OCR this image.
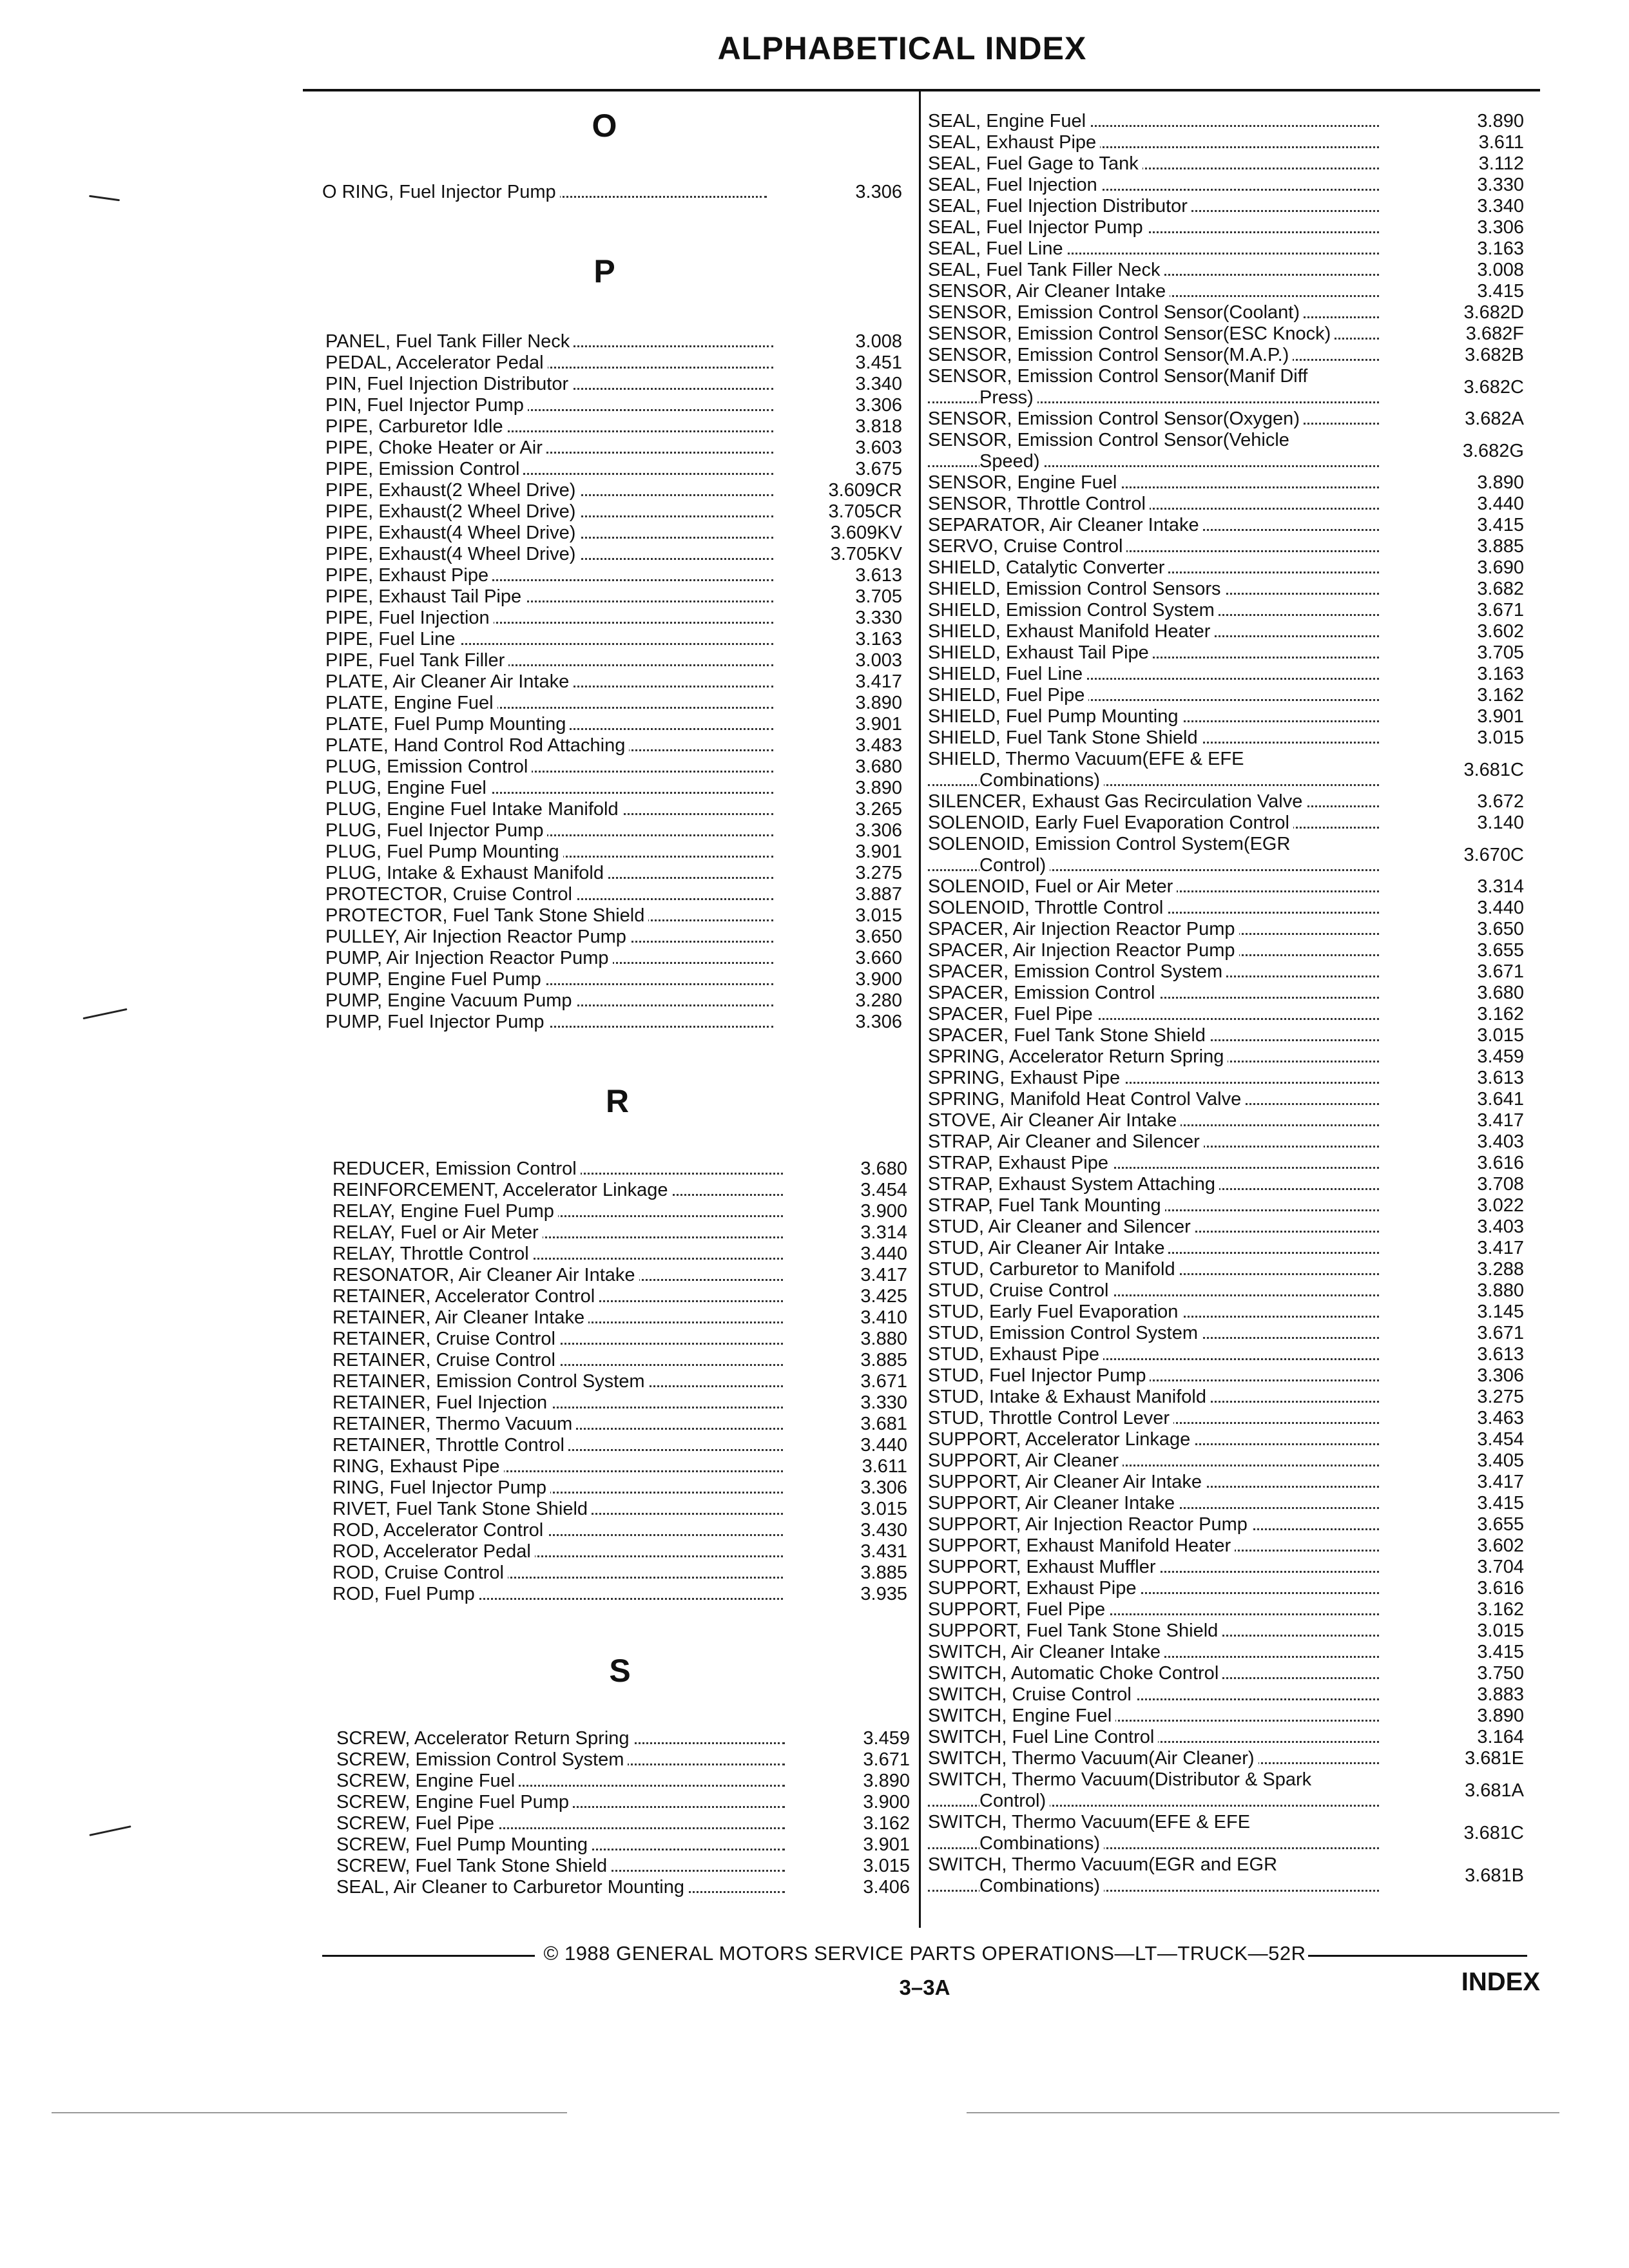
ALPHABETICAL INDEX
O
O RING, Fuel Injector Pump	3.306
P
PANEL, Fuel Tank Filler Neck	3.008
PEDAL, Accelerator Pedal	3.451
PIN, Fuel Injection Distributor	3.340
PIN, Fuel Injector Pump	3.306
PIPE, Carburetor Idle	3.818
PIPE, Choke Heater or Air	3.603
PIPE, Emission Control	3.675
PIPE, Exhaust(2 Wheel Drive)	3.609CR
PIPE, Exhaust(2 Wheel Drive)	3.705CR
PIPE, Exhaust(4 Wheel Drive)	3.609KV
PIPE, Exhaust(4 Wheel Drive)	3.705KV
PIPE, Exhaust Pipe	3.613
PIPE, Exhaust Tail Pipe	3.705
PIPE, Fuel Injection	3.330
PIPE, Fuel Line	3.163
PIPE, Fuel Tank Filler	3.003
PLATE, Air Cleaner Air Intake	3.417
PLATE, Engine Fuel	3.890
PLATE, Fuel Pump Mounting	3.901
PLATE, Hand Control Rod Attaching	3.483
PLUG, Emission Control	3.680
PLUG, Engine Fuel	3.890
PLUG, Engine Fuel Intake Manifold	3.265
PLUG, Fuel Injector Pump	3.306
PLUG, Fuel Pump Mounting	3.901
PLUG, Intake & Exhaust Manifold	3.275
PROTECTOR, Cruise Control	3.887
PROTECTOR, Fuel Tank Stone Shield	3.015
PULLEY, Air Injection Reactor Pump	3.650
PUMP, Air Injection Reactor Pump	3.660
PUMP, Engine Fuel Pump	3.900
PUMP, Engine Vacuum Pump	3.280
PUMP, Fuel Injector Pump	3.306
R
REDUCER, Emission Control	3.680
REINFORCEMENT, Accelerator Linkage	3.454
RELAY, Engine Fuel Pump	3.900
RELAY, Fuel or Air Meter	3.314
RELAY, Throttle Control	3.440
RESONATOR, Air Cleaner Air Intake	3.417
RETAINER, Accelerator Control	3.425
RETAINER, Air Cleaner Intake	3.410
RETAINER, Cruise Control	3.880
RETAINER, Cruise Control	3.885
RETAINER, Emission Control System	3.671
RETAINER, Fuel Injection	3.330
RETAINER, Thermo Vacuum	3.681
RETAINER, Throttle Control	3.440
RING, Exhaust Pipe	3.611
RING, Fuel Injector Pump	3.306
RIVET, Fuel Tank Stone Shield	3.015
ROD, Accelerator Control	3.430
ROD, Accelerator Pedal	3.431
ROD, Cruise Control	3.885
ROD, Fuel Pump	3.935
S
SCREW, Accelerator Return Spring	3.459
SCREW, Emission Control System	3.671
SCREW, Engine Fuel	3.890
SCREW, Engine Fuel Pump	3.900
SCREW, Fuel Pipe	3.162
SCREW, Fuel Pump Mounting	3.901
SCREW, Fuel Tank Stone Shield	3.015
SEAL, Air Cleaner to Carburetor Mounting	3.406
SEAL, Engine Fuel	3.890
SEAL, Exhaust Pipe	3.611
SEAL, Fuel Gage to Tank	3.112
SEAL, Fuel Injection	3.330
SEAL, Fuel Injection Distributor	3.340
SEAL, Fuel Injector Pump	3.306
SEAL, Fuel Line	3.163
SEAL, Fuel Tank Filler Neck	3.008
SENSOR, Air Cleaner Intake	3.415
SENSOR, Emission Control Sensor(Coolant)	3.682D
SENSOR, Emission Control Sensor(ESC Knock)	3.682F
SENSOR, Emission Control Sensor(M.A.P.)	3.682B
SENSOR, Emission Control Sensor(Manif Diff
Press)	3.682C
SENSOR, Emission Control Sensor(Oxygen)	3.682A
SENSOR, Emission Control Sensor(Vehicle
Speed)	3.682G
SENSOR, Engine Fuel	3.890
SENSOR, Throttle Control	3.440
SEPARATOR, Air Cleaner Intake	3.415
SERVO, Cruise Control	3.885
SHIELD, Catalytic Converter	3.690
SHIELD, Emission Control Sensors	3.682
SHIELD, Emission Control System	3.671
SHIELD, Exhaust Manifold Heater	3.602
SHIELD, Exhaust Tail Pipe	3.705
SHIELD, Fuel Line	3.163
SHIELD, Fuel Pipe	3.162
SHIELD, Fuel Pump Mounting	3.901
SHIELD, Fuel Tank Stone Shield	3.015
SHIELD, Thermo Vacuum(EFE & EFE
Combinations)	3.681C
SILENCER, Exhaust Gas Recirculation Valve	3.672
SOLENOID, Early Fuel Evaporation Control	3.140
SOLENOID, Emission Control System(EGR
Control)	3.670C
SOLENOID, Fuel or Air Meter	3.314
SOLENOID, Throttle Control	3.440
SPACER, Air Injection Reactor Pump	3.650
SPACER, Air Injection Reactor Pump	3.655
SPACER, Emission Control System	3.671
SPACER, Emission Control	3.680
SPACER, Fuel Pipe	3.162
SPACER, Fuel Tank Stone Shield	3.015
SPRING, Accelerator Return Spring	3.459
SPRING, Exhaust Pipe	3.613
SPRING, Manifold Heat Control Valve	3.641
STOVE, Air Cleaner Air Intake	3.417
STRAP, Air Cleaner and Silencer	3.403
STRAP, Exhaust Pipe	3.616
STRAP, Exhaust System Attaching	3.708
STRAP, Fuel Tank Mounting	3.022
STUD, Air Cleaner and Silencer	3.403
STUD, Air Cleaner Air Intake	3.417
STUD, Carburetor to Manifold	3.288
STUD, Cruise Control	3.880
STUD, Early Fuel Evaporation	3.145
STUD, Emission Control System	3.671
STUD, Exhaust Pipe	3.613
STUD, Fuel Injector Pump	3.306
STUD, Intake & Exhaust Manifold	3.275
STUD, Throttle Control Lever	3.463
SUPPORT, Accelerator Linkage	3.454
SUPPORT, Air Cleaner	3.405
SUPPORT, Air Cleaner Air Intake	3.417
SUPPORT, Air Cleaner Intake	3.415
SUPPORT, Air Injection Reactor Pump	3.655
SUPPORT, Exhaust Manifold Heater	3.602
SUPPORT, Exhaust Muffler	3.704
SUPPORT, Exhaust Pipe	3.616
SUPPORT, Fuel Pipe	3.162
SUPPORT, Fuel Tank Stone Shield	3.015
SWITCH, Air Cleaner Intake	3.415
SWITCH, Automatic Choke Control	3.750
SWITCH, Cruise Control	3.883
SWITCH, Engine Fuel	3.890
SWITCH, Fuel Line Control	3.164
SWITCH, Thermo Vacuum(Air Cleaner)	3.681E
SWITCH, Thermo Vacuum(Distributor & Spark
Control)	3.681A
SWITCH, Thermo Vacuum(EFE & EFE
Combinations)	3.681C
SWITCH, Thermo Vacuum(EGR and EGR
Combinations)	3.681B
© 1988 GENERAL MOTORS SERVICE PARTS OPERATIONS—LT—TRUCK—52R
3–3A	INDEX
